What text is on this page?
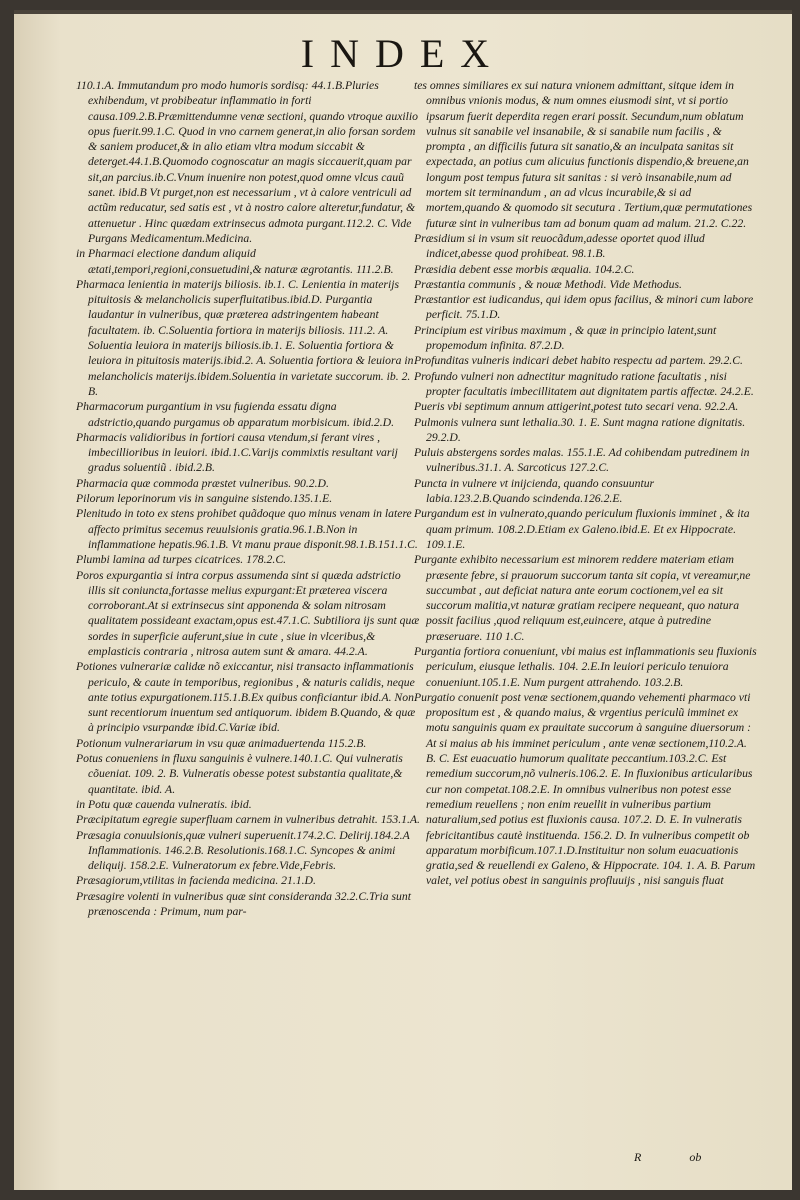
INDEX
110.1.A. Immutandum pro modo humoris sordisq: 44.1.B.Pluries exhibendum, vt probibeatur inflammatio in forti causa.109.2.B.Præmittendumne venæ sectioni, quando vtroque auxilio opus fuerit.99.1.C. Quod in vno carnem generat,in alio forsan sordem & saniem producet,& in alio etiam vltra modum siccabit & deterget.44.1.B.Quomodo cognoscatur an magis siccauerit,quam par sit,an parcius.ib.C.Vnum inuenire non potest,quod omne vlcus cauũ sanet. ibid.B Vt purget,non est necessarium , vt à calore ventriculi ad actũm reducatur, sed satis est , vt à nostro calore alteretur,fundatur, & attenuetur . Hinc quædam extrinsecus admota purgant.112.2. C. Vide Purgans Medicamentum.Medicina.
in Pharmaci electione dandum aliquid ætati,tempori,regioni,consuetudini,& naturæ ægrotantis. 111.2.B.
Pharmaca lenientia in materijs biliosis. ib.1. C. Lenientia in materijs pituitosis & melancholicis superfluitatibus.ibid.D. Purgantia laudantur in vulneribus, quæ præterea adstringentem habeant facultatem. ib. C.Soluentia fortiora in materijs biliosis. 111.2. A. Soluentia leuiora in materijs biliosis.ib.1. E. Soluentia fortiora & leuiora in pituitosis materijs.ibid.2. A. Soluentia fortiora & leuiora in melancholicis materijs.ibidem.Soluentia in varietate succorum. ib. 2. B.
Pharmacorum purgantium in vsu fugienda essatu digna adstrictio,quando purgamus ob apparatum morbisicum. ibid.2.D.
Pharmacis validioribus in fortiori causa vtendum,si ferant vires , imbecillioribus in leuiori. ibid.1.C.Varijs commixtis resultant varij gradus soluentiũ . ibid.2.B.
Pharmacia quæ commoda præstet vulneribus. 90.2.D.
Pilorum leporinorum vis in sanguine sistendo.135.1.E.
Plenitudo in toto ex stens prohibet quãdoque quo minus venam in latere affecto primitus secemus reuulsionis gratia.96.1.B.Non in inflammatione hepatis.96.1.B. Vt manu praue disponit.98.1.B.151.1.C.
Plumbi lamina ad turpes cicatrices. 178.2.C.
Poros expurgantia si intra corpus assumenda sint si quæda adstrictio illis sit coniuncta,fortasse melius expurgant:Et præterea viscera corroborant.At si extrinsecus sint apponenda & solam nitrosam qualitatem possideant exactam,opus est.47.1.C. Subtiliora ijs sunt quæ sordes in superficie auferunt,siue in cute , siue in vlceribus,& emplasticis contraria , nitrosa autem sunt & amara. 44.2.A.
Potiones vulnerariæ calidæ nõ exiccantur, nisi transacto inflammationis periculo, & caute in temporibus, regionibus , & naturis calidis, neque ante totius expurgationem.115.1.B.Ex quibus conficiantur ibid.A. Non sunt recentiorum inuentum sed antiquorum. ibidem B.Quando, & quæ à principio vsurpandæ ibid.C.Variæ ibid.
Potionum vulnerariarum in vsu quæ animaduertenda 115.2.B.
Potus conueniens in fluxu sanguinis è vulnere.140.1.C. Qui vulneratis cõueniat. 109. 2. B. Vulneratis obesse potest substantia qualitate,& quantitate. ibid. A.
in Potu quæ cauenda vulneratis. ibid.
Præcipitatum egregie superfluam carnem in vulneribus detrahit. 153.1.A.
Præsagia conuulsionis,quæ vulneri superuenit.174.2.C. Delirij.184.2.A Inflammationis. 146.2.B. Resolutionis.168.1.C. Syncopes & animi deliquij. 158.2.E. Vulneratorum ex febre.Vide,Febris.
Præsagiorum,vtilitas in facienda medicina. 21.1.D.
Præsagire volenti in vulneribus quæ sint consideranda 32.2.C.Tria sunt prænoscenda : Primum, num par-
tes omnes similiares ex sui natura vnionem admittant, sitque idem in omnibus vnionis modus, & num omnes eiusmodi sint, vt si portio ipsarum fuerit deperdita regen erari possit. Secundum,num oblatum vulnus sit sanabile vel insanabile, & si sanabile num facilis , & prompta , an difficilis futura sit sanatio,& an inculpata sanitas sit expectada, an potius cum alicuius functionis dispendio,& breuene,an longum post tempus futura sit sanitas : si verò insanabile,num ad mortem sit terminandum , an ad vlcus incurabile,& si ad mortem,quando & quomodo sit secutura . Tertium,quæ permutationes futuræ sint in vulneribus tam ad bonum quam ad malum. 21.2. C.22.
Præsidium si in vsum sit reuocãdum,adesse oportet quod illud indicet,abesse quod prohibeat. 98.1.B.
Præsidia debent esse morbis æqualia. 104.2.C.
Præstantia communis , & nouæ Methodi. Vide Methodus.
Præstantior est iudicandus, qui idem opus facilius, & minori cum labore perficit. 75.1.D.
Principium est viribus maximum , & quæ in principio latent,sunt propemodum infinita. 87.2.D.
Profunditas vulneris indicari debet habito respectu ad partem. 29.2.C.
Profundo vulneri non adnectitur magnitudo ratione facultatis , nisi propter facultatis imbecillitatem aut dignitatem partis affectæ. 24.2.E.
Pueris vbi septimum annum attigerint,potest tuto secari vena. 92.2.A.
Pulmonis vulnera sunt lethalia.30. 1. E. Sunt magna ratione dignitatis. 29.2.D.
Puluis abstergens sordes malas. 155.1.E. Ad cohibendam putredinem in vulneribus.31.1. A. Sarcoticus 127.2.C.
Puncta in vulnere vt inijcienda, quando consuuntur labia.123.2.B.Quando scindenda.126.2.E.
Purgandum est in vulnerato,quando periculum fluxionis imminet , & ita quam primum. 108.2.D.Etiam ex Galeno.ibid.E. Et ex Hippocrate. 109.1.E.
Purgante exhibito necessarium est minorem reddere materiam etiam præsente febre, si prauorum succorum tanta sit copia, vt vereamur,ne succumbat , aut deficiat natura ante eorum coctionem,vel ea sit succorum malitia,vt naturæ gratiam recipere nequeant, quo natura possit facilius ,quod reliquum est,euincere, atque à putredine præseruare. 110 1.C.
Purgantia fortiora conueniunt, vbi maius est inflammationis seu fluxionis periculum, eiusque lethalis. 104. 2.E.In leuiori periculo tenuiora conueniunt.105.1.E. Num purgent attrahendo. 103.2.B.
Purgatio conuenit post venæ sectionem,quando vehementi pharmaco vti propositum est , & quando maius, & vrgentius periculũ imminet ex motu sanguinis quam ex prauitate succorum à sanguine diuersorum : At si maius ab his imminet periculum , ante venæ sectionem,110.2.A. B. C. Est euacuatio humorum qualitate peccantium.103.2.C. Est remedium succorum,nõ vulneris.106.2. E. In fluxionibus articularibus cur non competat.108.2.E. In omnibus vulneribus non potest esse remedium reuellens ; non enim reuellit in vulneribus partium naturalium,sed potius est fluxionis causa. 107.2. D. E. In vulneratis febricitantibus cautè instituenda. 156.2. D. In vulneribus competit ob apparatum morbificum.107.1.D.Instituitur non solum euacuationis gratia,sed & reuellendi ex Galeno, & Hippocrate. 104. 1. A. B. Parum valet, vel potius obest in sanguinis profluuijs , nisi sanguis fluat
R	ob
